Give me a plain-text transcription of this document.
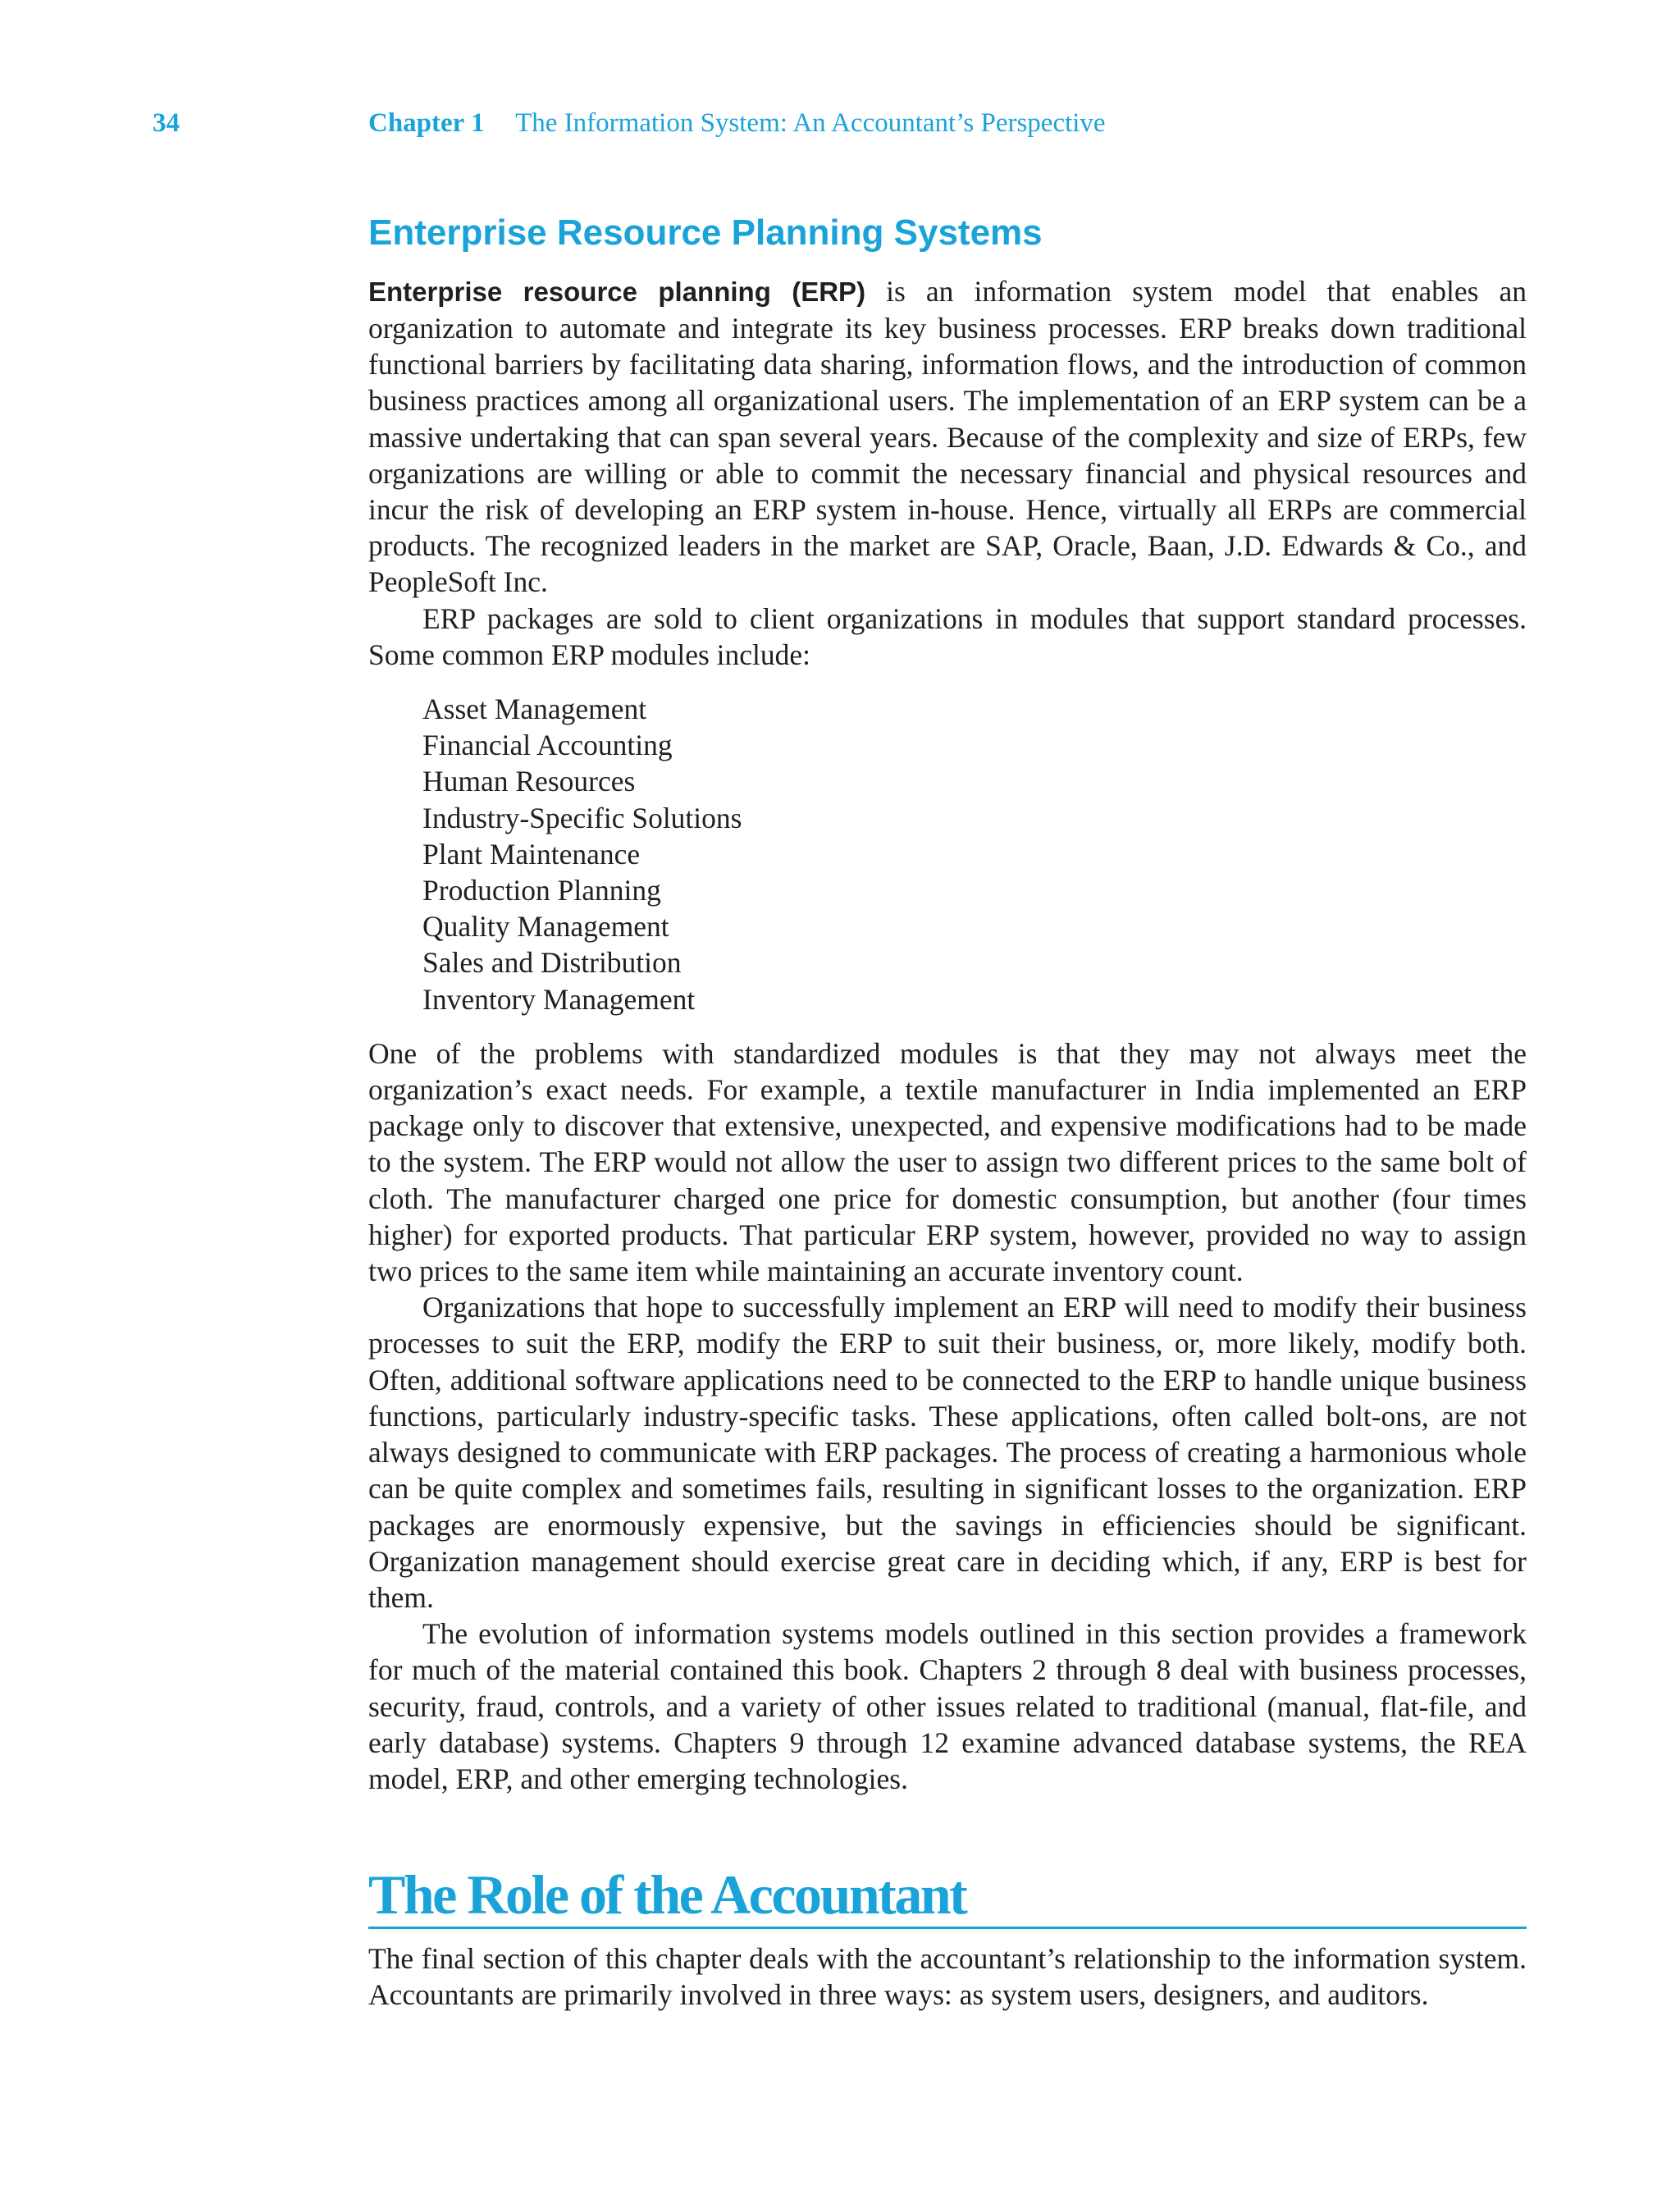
34	Chapter 1 The Information System: An Accountant’s Perspective
Enterprise Resource Planning Systems

Enterprise resource planning (ERP) is an information system model that enables an organization to automate and integrate its key business processes. ERP breaks down traditional functional barriers by facilitating data sharing, information flows, and the introduction of common business practices among all organizational users. The implementation of an ERP system can be a massive undertaking that can span several years. Because of the complexity and size of ERPs, few organizations are willing or able to commit the necessary financial and physical resources and incur the risk of developing an ERP system in-house. Hence, virtually all ERPs are commercial products. The recognized leaders in the market are SAP, Oracle, Baan, J.D. Edwards & Co., and PeopleSoft Inc.

ERP packages are sold to client organizations in modules that support standard processes. Some common ERP modules include:

Asset Management
Financial Accounting
Human Resources
Industry-Specific Solutions
Plant Maintenance
Production Planning
Quality Management
Sales and Distribution
Inventory Management

One of the problems with standardized modules is that they may not always meet the organization’s exact needs. For example, a textile manufacturer in India implemented an ERP package only to discover that extensive, unexpected, and expensive modifications had to be made to the system. The ERP would not allow the user to assign two different prices to the same bolt of cloth. The manufacturer charged one price for domestic consumption, but another (four times higher) for exported products. That particular ERP system, however, provided no way to assign two prices to the same item while maintaining an accurate inventory count.

Organizations that hope to successfully implement an ERP will need to modify their business processes to suit the ERP, modify the ERP to suit their business, or, more likely, modify both. Often, additional software applications need to be connected to the ERP to handle unique business functions, particularly industry-specific tasks. These applications, often called bolt-ons, are not always designed to communicate with ERP packages. The process of creating a harmonious whole can be quite complex and sometimes fails, resulting in significant losses to the organization. ERP packages are enormously expensive, but the savings in efficiencies should be significant. Organization management should exercise great care in deciding which, if any, ERP is best for them.

The evolution of information systems models outlined in this section provides a framework for much of the material contained this book. Chapters 2 through 8 deal with business processes, security, fraud, controls, and a variety of other issues related to traditional (manual, flat-file, and early database) systems. Chapters 9 through 12 examine advanced database systems, the REA model, ERP, and other emerging technologies.

The Role of the Accountant

The final section of this chapter deals with the accountant’s relationship to the information system. Accountants are primarily involved in three ways: as system users, designers, and auditors.
